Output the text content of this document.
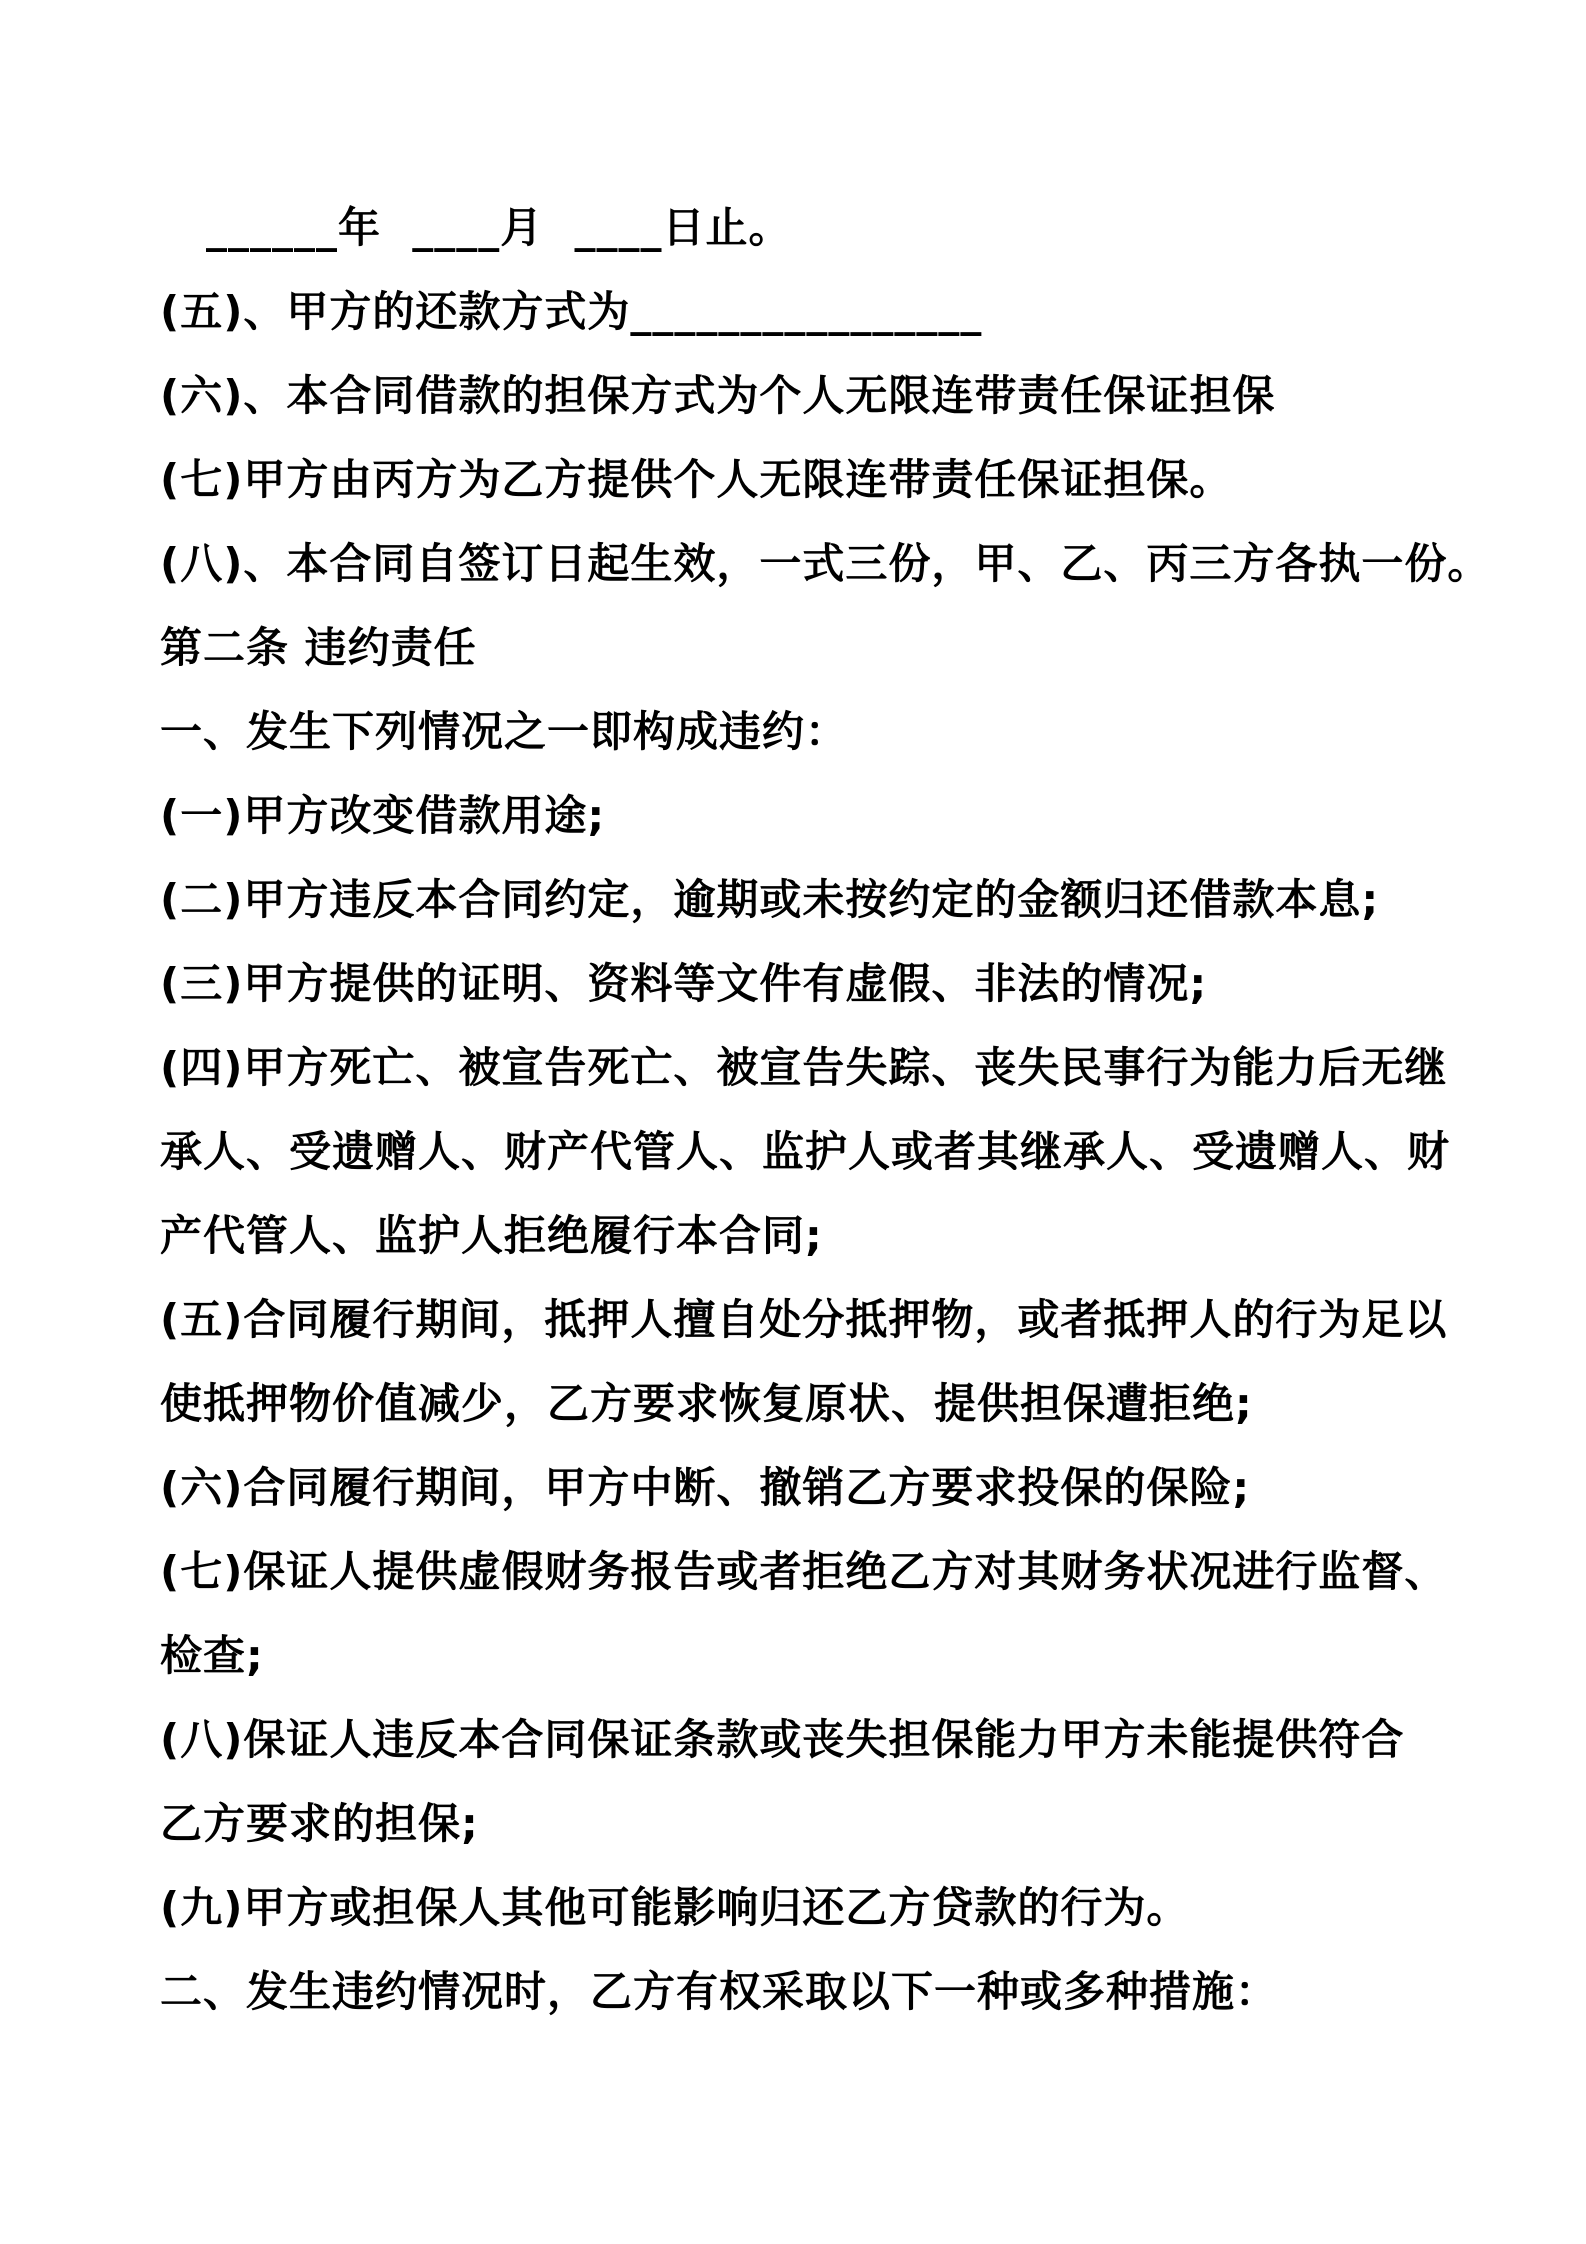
______年  ____月  ____日止。
(五)、甲方的还款方式为________________
(六)、本合同借款的担保方式为个人无限连带责任保证担保
(七)甲方由丙方为乙方提供个人无限连带责任保证担保。
(八)、本合同自签订日起生效，一式三份，甲、乙、丙三方各执一份。
第二条 违约责任
一、发生下列情况之一即构成违约：
(一)甲方改变借款用途;
(二)甲方违反本合同约定，逾期或未按约定的金额归还借款本息;
(三)甲方提供的证明、资料等文件有虚假、非法的情况;
(四)甲方死亡、被宣告死亡、被宣告失踪、丧失民事行为能力后无继
承人、受遗赠人、财产代管人、监护人或者其继承人、受遗赠人、财
产代管人、监护人拒绝履行本合同;
(五)合同履行期间，抵押人擅自处分抵押物，或者抵押人的行为足以
使抵押物价值减少，乙方要求恢复原状、提供担保遭拒绝;
(六)合同履行期间，甲方中断、撤销乙方要求投保的保险;
(七)保证人提供虚假财务报告或者拒绝乙方对其财务状况进行监督、
检查;
(八)保证人违反本合同保证条款或丧失担保能力甲方未能提供符合
乙方要求的担保;
(九)甲方或担保人其他可能影响归还乙方贷款的行为。
二、发生违约情况时，乙方有权采取以下一种或多种措施：
